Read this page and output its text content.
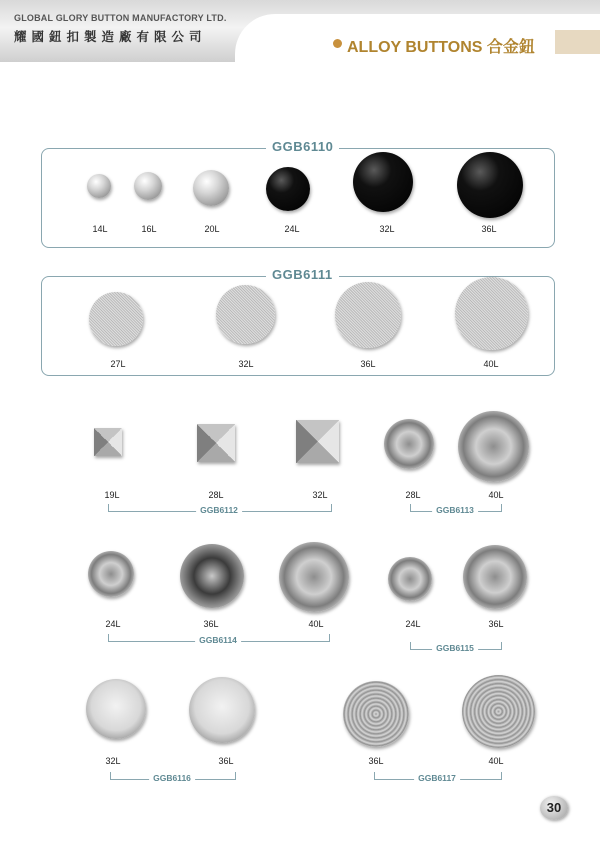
GLOBAL GLORY BUTTON MANUFACTORY LTD.
耀國鈕扣製造廠有限公司
ALLOY BUTTONS 合金鈕
GGB6110
14L	16L	20L	24L	32L	36L
GGB6111
27L	32L	36L	40L
19L	28L	32L
GGB6112
28L	40L
GGB6113
24L	36L	40L
GGB6114
24L	36L
GGB6115
32L	36L
GGB6116
36L	40L
GGB6117
30
